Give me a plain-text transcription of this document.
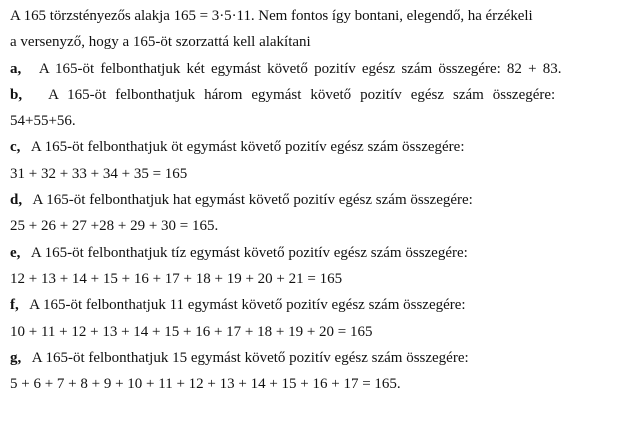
A 165 törzstényezős alakja 165 = 3·5·11. Nem fontos így bontani, elegendő, ha érzékeli
a versenyző, hogy a 165-öt szorzattá kell alakítani
a, A 165-öt felbonthatjuk két egymást követő pozitív egész szám összegére: 82 + 83.
b, A 165-öt felbonthatjuk három egymást követő pozitív egész szám összegére:
54+55+56.
c, A 165-öt felbonthatjuk öt egymást követő pozitív egész szám összegére:
31 + 32 + 33 + 34 + 35 = 165
d, A 165-öt felbonthatjuk hat egymást követő pozitív egész szám összegére:
25 + 26 + 27 +28 + 29 + 30 = 165.
e, A 165-öt felbonthatjuk tíz egymást követő pozitív egész szám összegére:
12 + 13 + 14 + 15 + 16 + 17 + 18 + 19 + 20 + 21 = 165
f, A 165-öt felbonthatjuk 11 egymást követő pozitív egész szám összegére:
10 + 11 + 12 + 13 + 14 + 15 + 16 + 17 + 18 + 19 + 20 = 165
g, A 165-öt felbonthatjuk 15 egymást követő pozitív egész szám összegére:
5 + 6 + 7 + 8 + 9 + 10 + 11 + 12 + 13 + 14 + 15 + 16 + 17 = 165.
